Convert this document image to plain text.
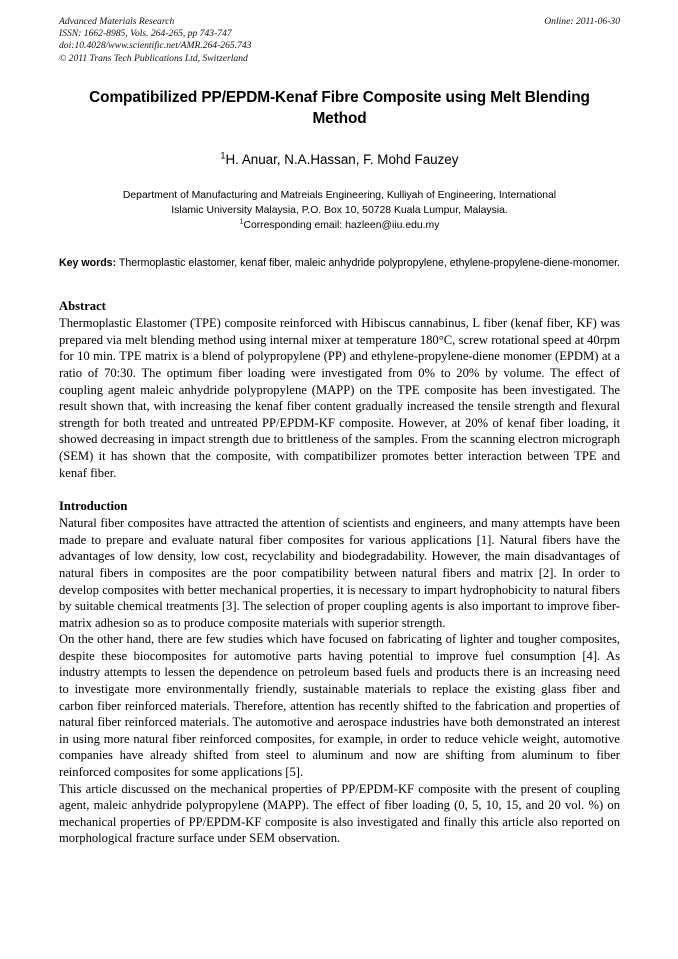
Advanced Materials Research
ISSN: 1662-8985, Vols. 264-265, pp 743-747
doi:10.4028/www.scientific.net/AMR.264-265.743
© 2011 Trans Tech Publications Ltd, Switzerland
Online: 2011-06-30
Compatibilized PP/EPDM-Kenaf Fibre Composite using Melt Blending Method
$^1$H. Anuar, N.A.Hassan, F. Mohd Fauzey
Department of Manufacturing and Matreials Engineering, Kulliyah of Engineering, International
Islamic University Malaysia, P.O. Box 10, 50728 Kuala Lumpur, Malaysia.
$^1$Corresponding email: hazleen@iiu.edu.my

Key words: Thermoplastic elastomer, kenaf fiber, maleic anhydride polypropylene, ethylene-propylene-diene-monomer.

Abstract

Thermoplastic Elastomer (TPE) composite reinforced with Hibiscus cannabinus, L fiber (kenaf fiber, KF) was prepared via melt blending method using internal mixer at temperature 180°C, screw rotational speed at 40rpm for 10 min. TPE matrix is a blend of polypropylene (PP) and ethylene-propylene-diene monomer (EPDM) at a ratio of 70:30. The optimum fiber loading were investigated from 0% to 20% by volume. The effect of coupling agent maleic anhydride polypropylene (MAPP) on the TPE composite has been investigated. The result shown that, with increasing the kenaf fiber content gradually increased the tensile strength and flexural strength for both treated and untreated PP/EPDM-KF composite. However, at 20% of kenaf fiber loading, it showed decreasing in impact strength due to brittleness of the samples. From the scanning electron micrograph (SEM) it has shown that the composite, with compatibilizer promotes better interaction between TPE and kenaf fiber.

Introduction

Natural fiber composites have attracted the attention of scientists and engineers, and many attempts have been made to prepare and evaluate natural fiber composites for various applications [1]. Natural fibers have the advantages of low density, low cost, recyclability and biodegradability. However, the main disadvantages of natural fibers in composites are the poor compatibility between natural fibers and matrix [2]. In order to develop composites with better mechanical properties, it is necessary to impart hydrophobicity to natural fibers by suitable chemical treatments [3]. The selection of proper coupling agents is also important to improve fiber-matrix adhesion so as to produce composite materials with superior strength.

On the other hand, there are few studies which have focused on fabricating of lighter and tougher composites, despite these biocomposites for automotive parts having potential to improve fuel consumption [4]. As industry attempts to lessen the dependence on petroleum based fuels and products there is an increasing need to investigate more environmentally friendly, sustainable materials to replace the existing glass fiber and carbon fiber reinforced materials. Therefore, attention has recently shifted to the fabrication and properties of natural fiber reinforced materials. The automotive and aerospace industries have both demonstrated an interest in using more natural fiber reinforced composites, for example, in order to reduce vehicle weight, automotive companies have already shifted from steel to aluminum and now are shifting from aluminum to fiber reinforced composites for some applications [5].

This article discussed on the mechanical properties of PP/EPDM-KF composite with the present of coupling agent, maleic anhydride polypropylene (MAPP). The effect of fiber loading (0, 5, 10, 15, and 20 vol. %) on mechanical properties of PP/EPDM-KF composite is also investigated and finally this article also reported on morphological fracture surface under SEM observation.
